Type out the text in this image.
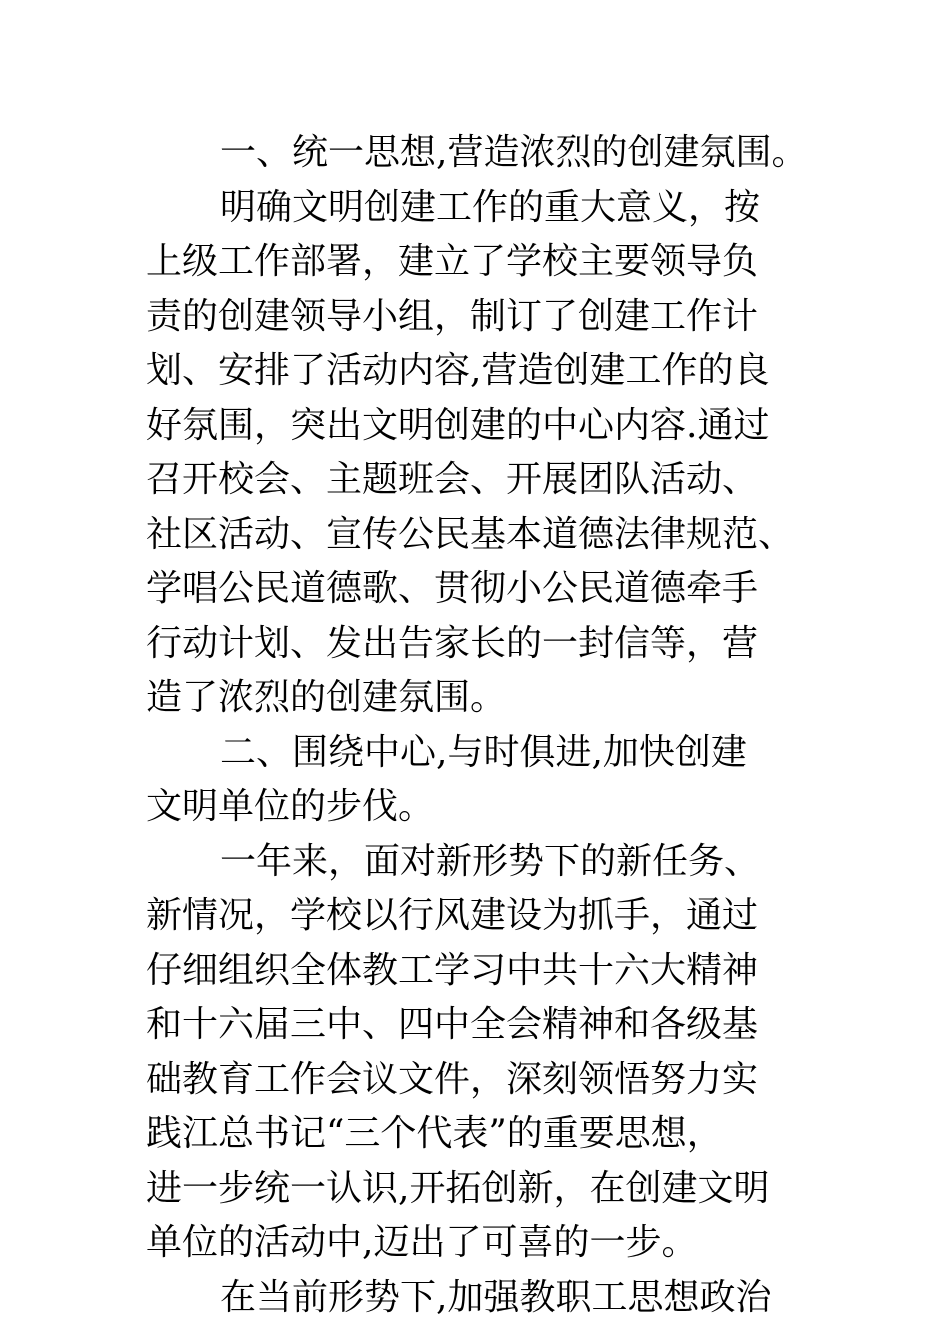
一、统一思想,营造浓烈的创建氛围。
明确文明创建工作的重大意义，按
上级工作部署，建立了学校主要领导负
责的创建领导小组，制订了创建工作计
划、安排了活动内容,营造创建工作的良
好氛围，突出文明创建的中心内容.通过
召开校会、主题班会、开展团队活动、
社区活动、宣传公民基本道德法律规范、
学唱公民道德歌、贯彻小公民道德牵手
行动计划、发出告家长的一封信等，营
造了浓烈的创建氛围。
二、围绕中心,与时俱进,加快创建
文明单位的步伐。
一年来，面对新形势下的新任务、
新情况，学校以行风建设为抓手，通过
仔细组织全体教工学习中共十六大精神
和十六届三中、四中全会精神和各级基
础教育工作会议文件，深刻领悟努力实
践江总书记“三个代表”的重要思想，
进一步统一认识,开拓创新，在创建文明
单位的活动中,迈出了可喜的一步。
在当前形势下,加强教职工思想政治
